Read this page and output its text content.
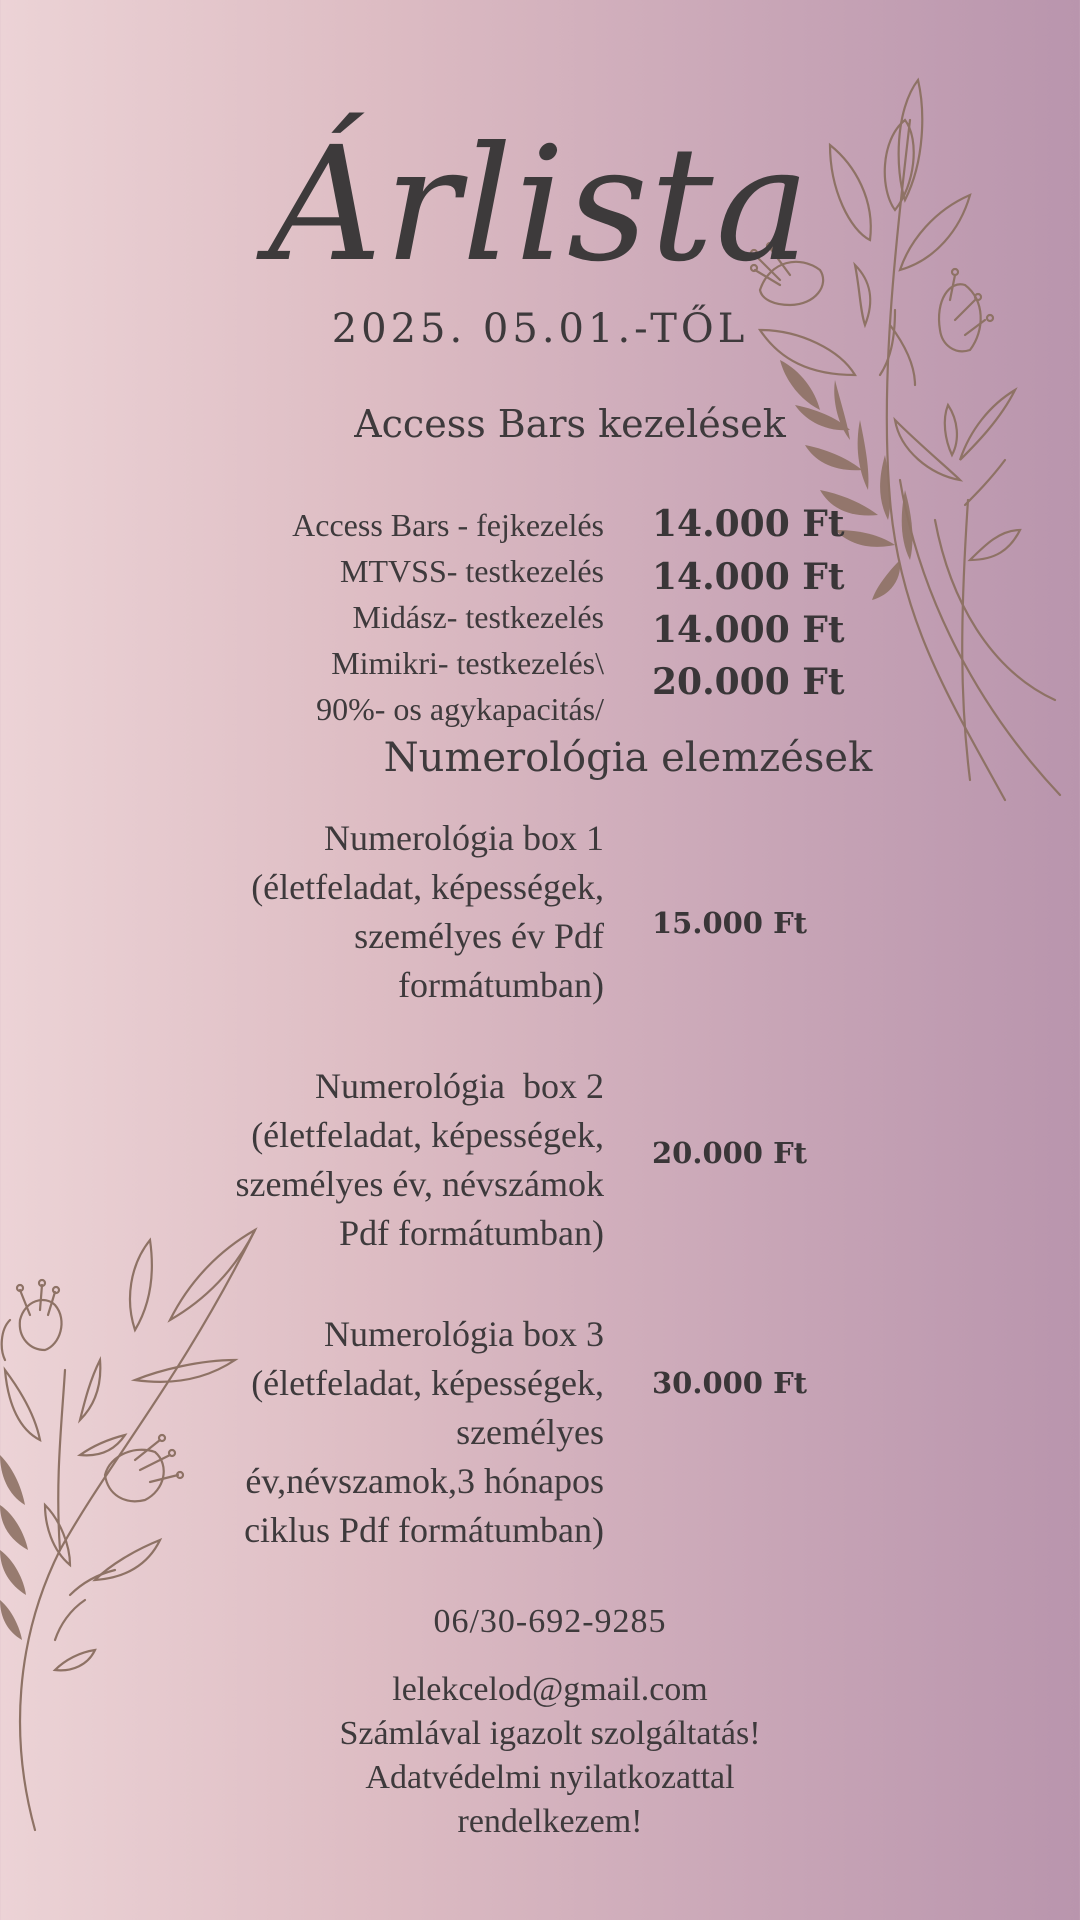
Árlista
2025. 05.01.-TŐL
Access Bars kezelések
Access Bars - fejkezelés 14.000 Ft
MTVSS- testkezelés 14.000 Ft
Midász- testkezelés 14.000 Ft
Mimikri- testkezelés\
90%- os agykapacitás/
20.000 Ft
Numerológia elemzések
Numerológia box 1
(életfeladat, képességek,
személyes év Pdf
formátumban)
15.000 Ft
Numerológia  box 2
(életfeladat, képességek,
személyes év, névszámok
Pdf formátumban)
20.000 Ft
Numerológia box 3
(életfeladat, képességek,
személyes
év,névszamok,3 hónapos
ciklus Pdf formátumban)
30.000 Ft
06/30-692-9285
lelekcelod@gmail.com
Számlával igazolt szolgáltatás!
Adatvédelmi nyilatkozattal
rendelkezem!
